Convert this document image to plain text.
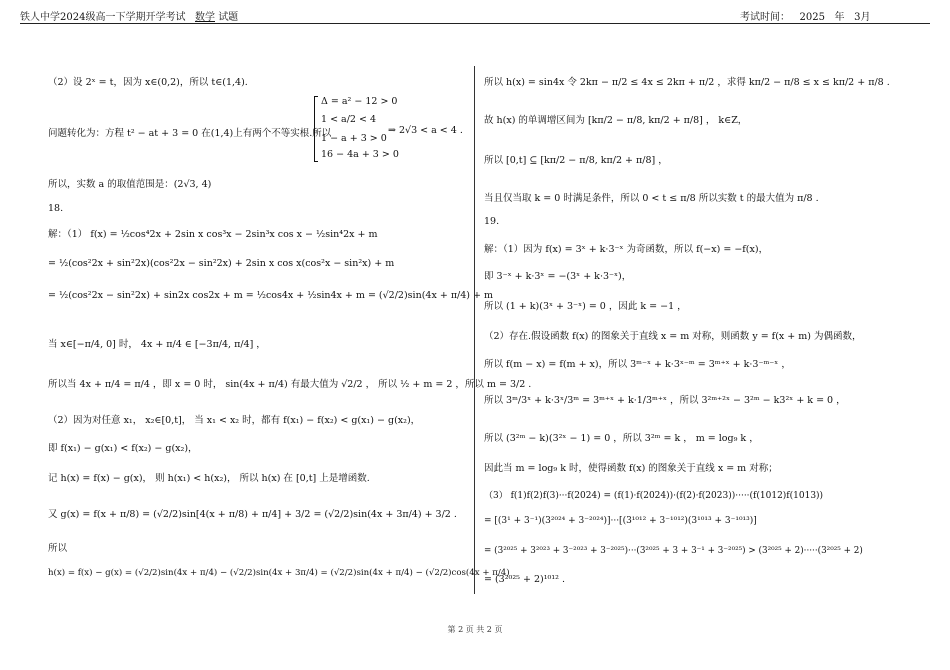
铁人中学2024级高一下学期开学考试 数学 试题	考试时间： 2025 年 3月
（2）设 2ˣ = t，因为 x∈(0,2)，所以 t∈(1,4).
Δ = a² − 12 > 0
1 < a/2 < 4
1 − a + 3 > 0
16 − 4a + 3 > 0
问题转化为：方程 t² − at + 3 = 0 在(1,4)上有两个不等实根.所以	⇒ 2√3 < a < 4 .
所以，实数 a 的取值范围是：(2√3, 4)
18.
解：（1） f(x) = ½cos⁴2x + 2sin x cos³x − 2sin³x cos x − ½sin⁴2x + m
= ½(cos²2x + sin²2x)(cos²2x − sin²2x) + 2sin x cos x(cos²x − sin²x) + m
= ½(cos²2x − sin²2x) + sin2x cos2x + m = ½cos4x + ½sin4x + m = (√2/2)sin(4x + π/4) + m
当 x∈[−π/4, 0] 时， 4x + π/4 ∈ [−3π/4, π/4] ，
所以当 4x + π/4 = π/4 ，即 x = 0 时， sin(4x + π/4) 有最大值为 √2/2 ， 所以 ½ + m = 2 ，所以 m = 3/2 .
（2）因为对任意 x₁， x₂∈[0,t]， 当 x₁ < x₂ 时，都有 f(x₁) − f(x₂) < g(x₁) − g(x₂)，
即 f(x₁) − g(x₁) < f(x₂) − g(x₂)，
记 h(x) = f(x) − g(x)， 则 h(x₁) < h(x₂)， 所以 h(x) 在 [0,t] 上是增函数.
又 g(x) = f(x + π/8) = (√2/2)sin[4(x + π/8) + π/4] + 3/2 = (√2/2)sin(4x + 3π/4) + 3/2 .
所以
h(x) = f(x) − g(x) = (√2/2)sin(4x + π/4) − (√2/2)sin(4x + 3π/4) = (√2/2)sin(4x + π/4) − (√2/2)cos(4x + π/4)
所以 h(x) = sin4x 令 2kπ − π/2 ≤ 4x ≤ 2kπ + π/2 ，求得 kπ/2 − π/8 ≤ x ≤ kπ/2 + π/8 .
故 h(x) 的单调增区间为 [kπ/2 − π/8, kπ/2 + π/8] ， k∈Z，
所以 [0,t] ⊆ [kπ/2 − π/8, kπ/2 + π/8] ，
当且仅当取 k = 0 时满足条件，所以 0 < t ≤ π/8 所以实数 t 的最大值为 π/8 .
19.
解：（1）因为 f(x) = 3ˣ + k·3⁻ˣ 为奇函数，所以 f(−x) = −f(x)，
即 3⁻ˣ + k·3ˣ = −(3ˣ + k·3⁻ˣ)，
所以 (1 + k)(3ˣ + 3⁻ˣ) = 0 ，因此 k = −1 ，
（2）存在.假设函数 f(x) 的图象关于直线 x = m 对称，则函数 y = f(x + m) 为偶函数，
所以 f(m − x) = f(m + x)，所以 3ᵐ⁻ˣ + k·3ˣ⁻ᵐ = 3ᵐ⁺ˣ + k·3⁻ᵐ⁻ˣ ，
所以 3ᵐ/3ˣ + k·3ˣ/3ᵐ = 3ᵐ⁺ˣ + k·1/3ᵐ⁺ˣ ，所以 3²ᵐ⁺²ˣ − 3²ᵐ − k3²ˣ + k = 0 ，
所以 (3²ᵐ − k)(3²ˣ − 1) = 0 ，所以 3²ᵐ = k ， m = log₉ k ，
因此当 m = log₉ k 时，使得函数 f(x) 的图象关于直线 x = m 对称；
（3） f(1)f(2)f(3)···f(2024) = (f(1)·f(2024))·(f(2)·f(2023))·····(f(1012)f(1013))
= [(3¹ + 3⁻¹)(3²⁰²⁴ + 3⁻²⁰²⁴)]···[(3¹⁰¹² + 3⁻¹⁰¹²)(3¹⁰¹³ + 3⁻¹⁰¹³)]
= (3²⁰²⁵ + 3²⁰²³ + 3⁻²⁰²³ + 3⁻²⁰²⁵)···(3²⁰²⁵ + 3 + 3⁻¹ + 3⁻²⁰²⁵) > (3²⁰²⁵ + 2)·····(3²⁰²⁵ + 2)
= (3²⁰²⁵ + 2)¹⁰¹² .
第 2 页 共 2 页
